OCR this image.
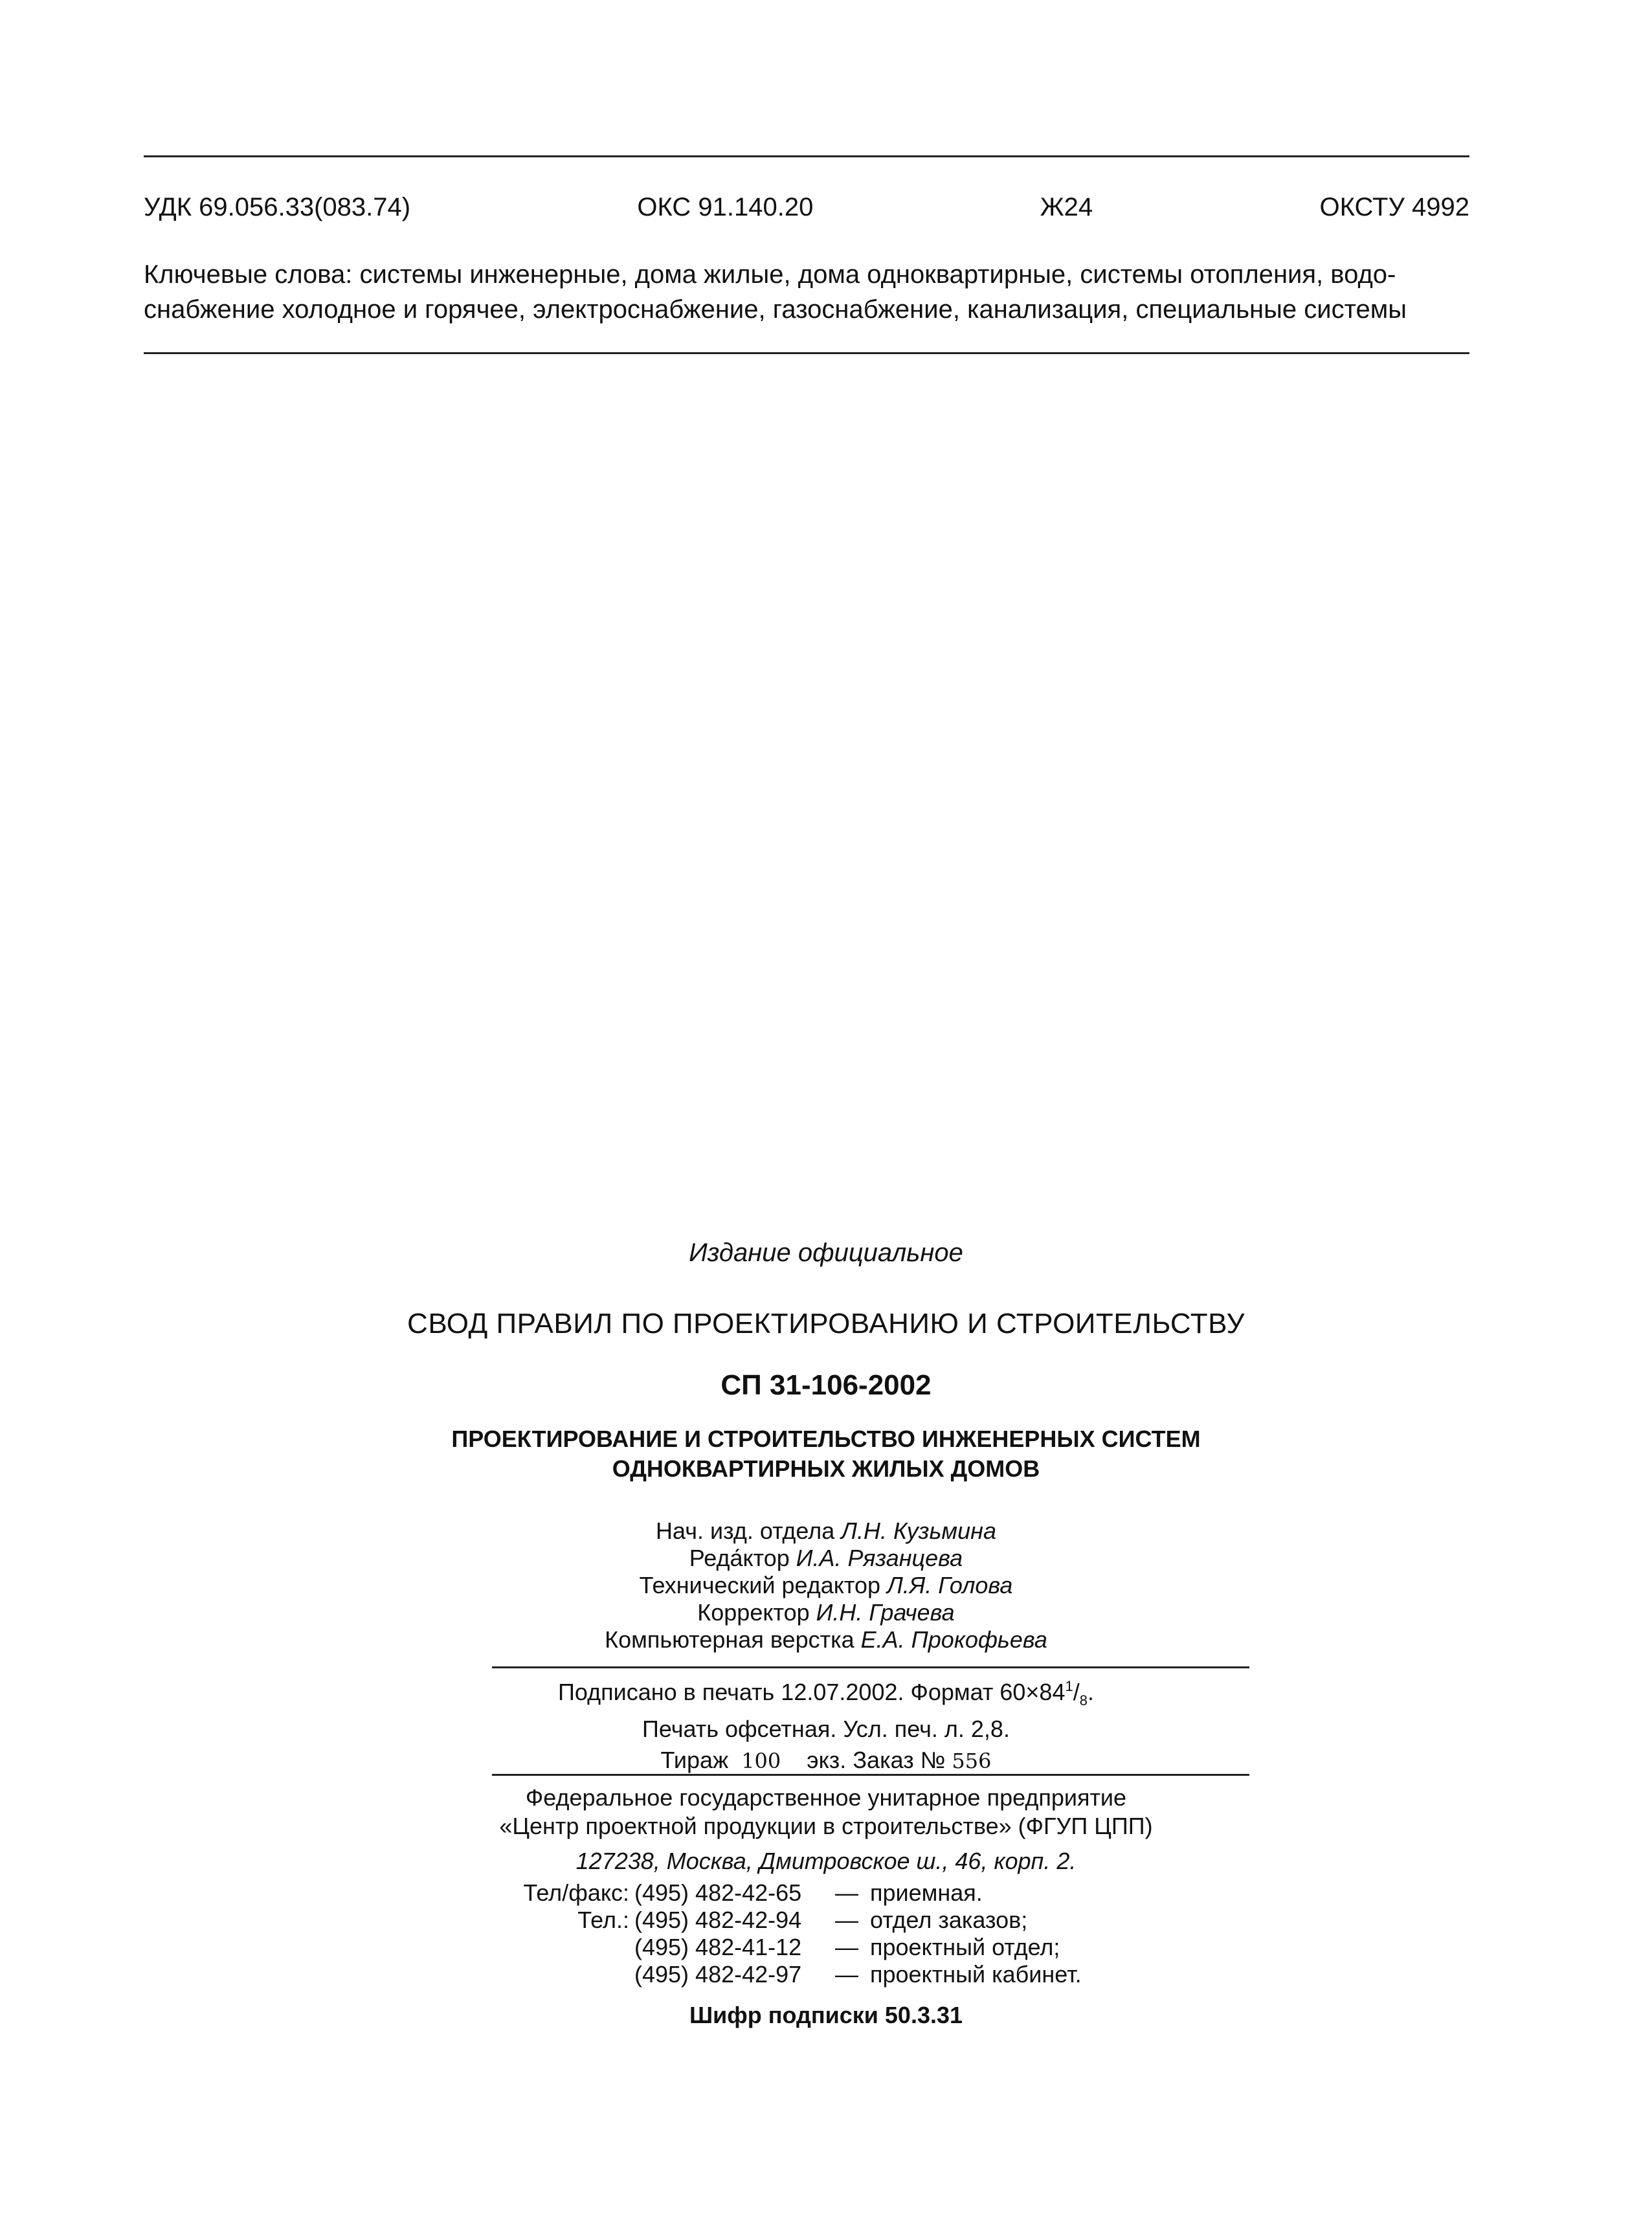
УДК 69.056.33(083.74)	ОКС 91.140.20	Ж24	ОКСТУ 4992
Ключевые слова: системы инженерные, дома жилые, дома одноквартирные, системы отопления, водо-
снабжение холодное и горячее, электроснабжение, газоснабжение, канализация, специальные системы
Издание официальное
СВОД ПРАВИЛ ПО ПРОЕКТИРОВАНИЮ И СТРОИТЕЛЬСТВУ
СП 31-106-2002
ПРОЕКТИРОВАНИЕ И СТРОИТЕЛЬСТВО ИНЖЕНЕРНЫХ СИСТЕМ
ОДНОКВАРТИРНЫХ ЖИЛЫХ ДОМОВ
Нач. изд. отдела Л.Н. Кузьмина
Реда́ктор И.А. Рязанцева
Технический редактор Л.Я. Голова
Корректор И.Н. Грачева
Компьютерная верстка Е.А. Прокофьева
Подписано в печать 12.07.2002. Формат $60\times 84^1/_8$.
Печать офсетная. Усл. печ. л. 2,8.
Тираж 100 экз. Заказ № 556
Федеральное государственное унитарное предприятие
«Центр проектной продукции в строительстве» (ФГУП ЦПП)
127238, Москва, Дмитровское ш., 46, корп. 2.
Тел/факс: (495) 482-42-65	— приемная.
Тел.: (495) 482-42-94	— отдел заказов;
(495) 482-41-12	— проектный отдел;
(495) 482-42-97	— проектный кабинет.
Шифр подписки 50.3.31
